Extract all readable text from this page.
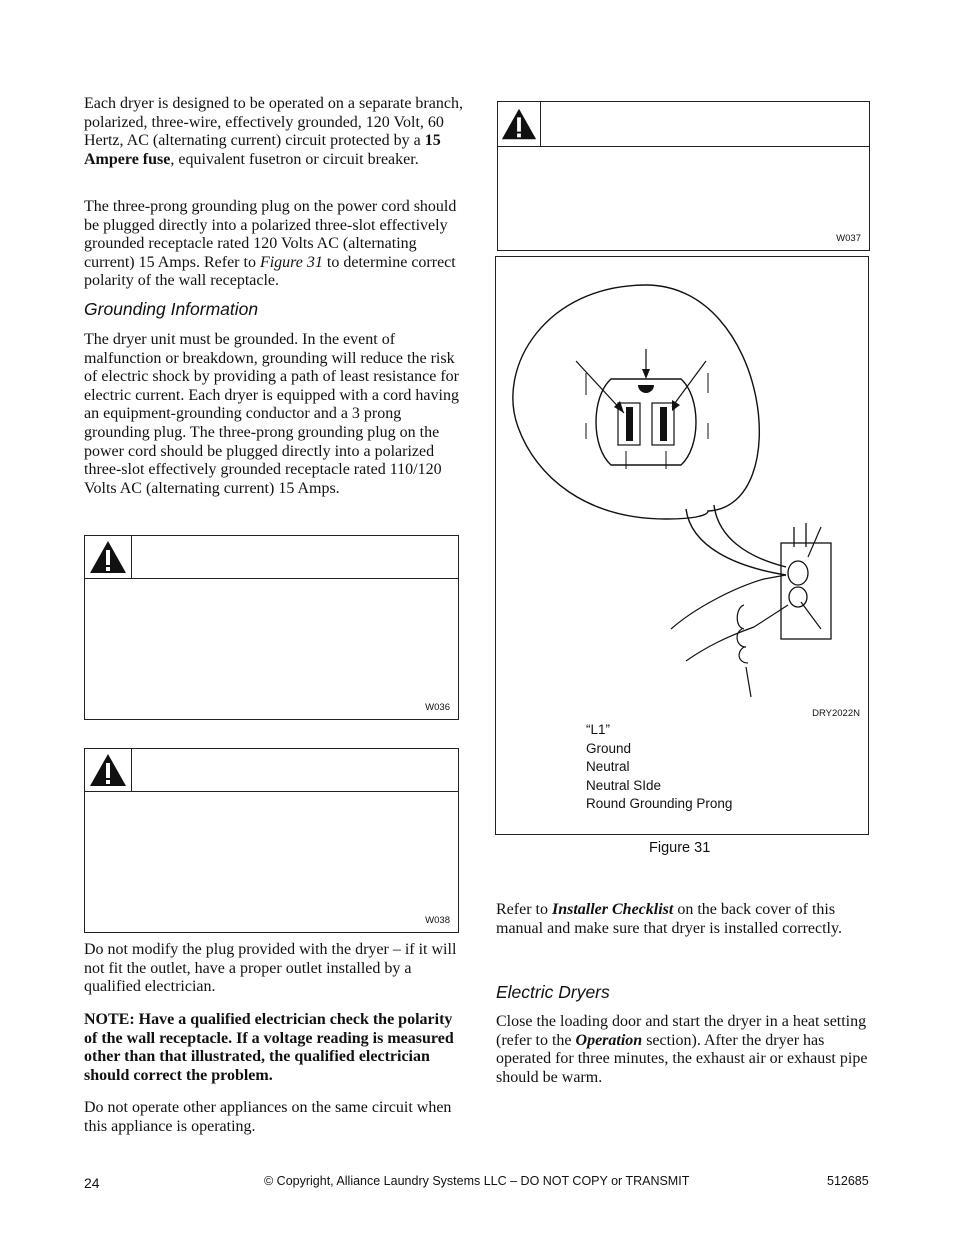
Each dryer is designed to be operated on a separate branch, polarized, three-wire, effectively grounded, 120 Volt, 60 Hertz, AC (alternating current) circuit protected by a 15 Ampere fuse, equivalent fusetron or circuit breaker.
The three-prong grounding plug on the power cord should be plugged directly into a polarized three-slot effectively grounded receptacle rated 120 Volts AC (alternating current) 15 Amps. Refer to Figure 31 to determine correct polarity of the wall receptacle.
Grounding Information
The dryer unit must be grounded. In the event of malfunction or breakdown, grounding will reduce the risk of electric shock by providing a path of least resistance for electric current. Each dryer is equipped with a cord having an equipment-grounding conductor and a 3 prong grounding plug. The three-prong grounding plug on the power cord should be plugged directly into a polarized three-slot effectively grounded receptacle rated 110/120 Volts AC (alternating current) 15 Amps.
W036
W038
Do not modify the plug provided with the dryer – if it will not fit the outlet, have a proper outlet installed by a qualified electrician.
NOTE: Have a qualified electrician check the polarity of the wall receptacle. If a voltage reading is measured other than that illustrated, the qualified electrician should correct the problem.
Do not operate other appliances on the same circuit when this appliance is operating.
W037
DRY2022N
“L1”
Ground
Neutral
Neutral SIde
Round Grounding Prong
Figure 31
Refer to Installer Checklist on the back cover of this manual and make sure that dryer is installed correctly.
Electric Dryers
Close the loading door and start the dryer in a heat setting (refer to the Operation section). After the dryer has operated for three minutes, the exhaust air or exhaust pipe should be warm.
24	© Copyright, Alliance Laundry Systems LLC – DO NOT COPY or TRANSMIT	512685
